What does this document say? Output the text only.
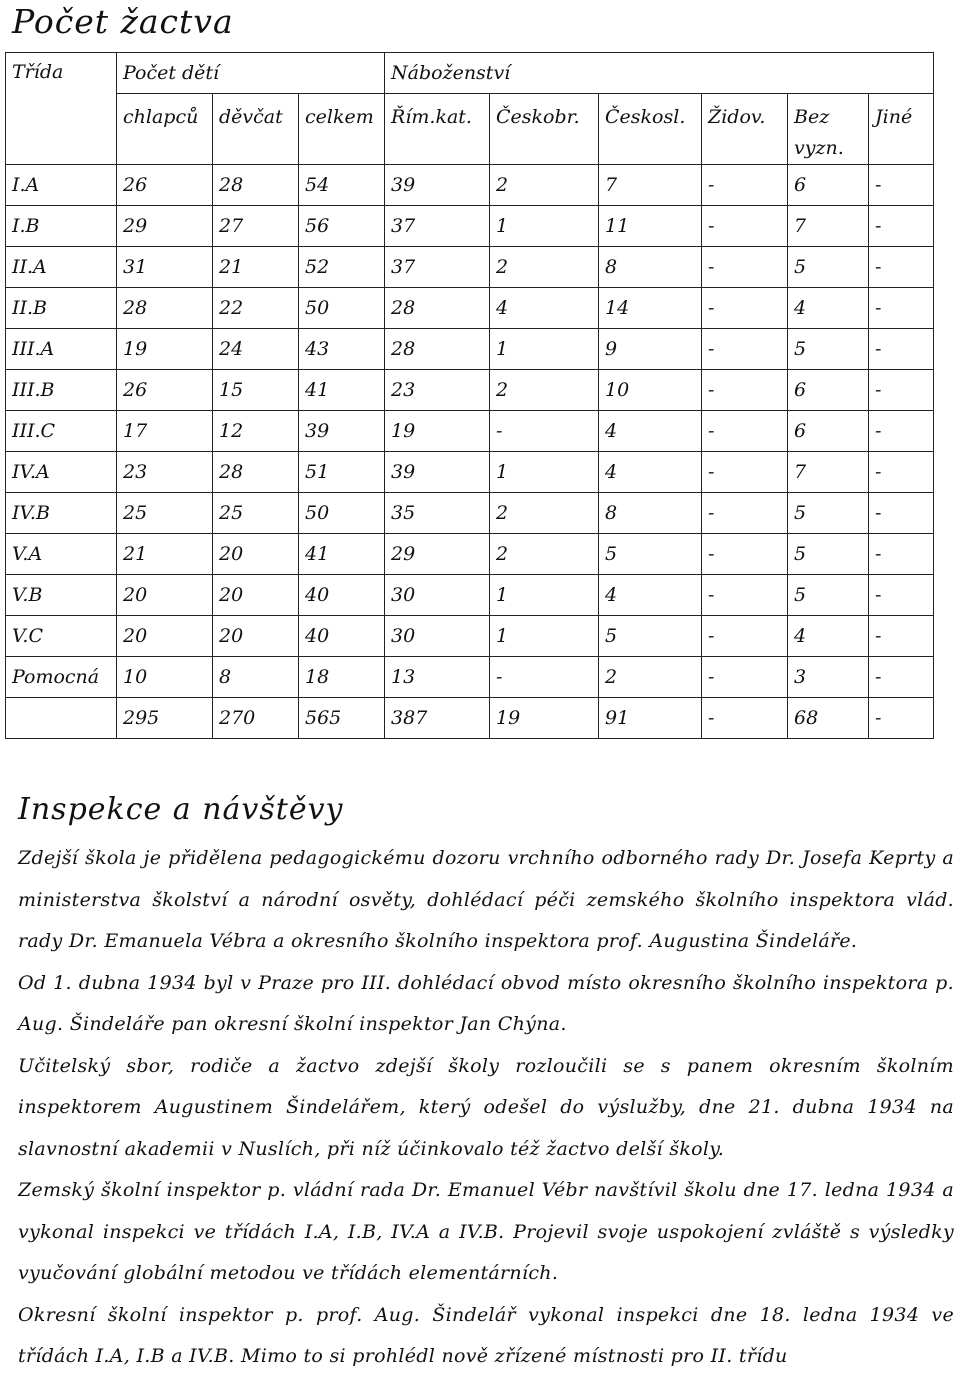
Počet žactva
Třída	Počet dětí			Náboženství					
	chlapců	děvčat	celkem	Řím.kat.	Českobr.	Českosl.	Židov.	Bez vyzn.	Jiné
I.A	26	28	54	39	2	7	-	6	-
I.B	29	27	56	37	1	11	-	7	-
II.A	31	21	52	37	2	8	-	5	-
II.B	28	22	50	28	4	14	-	4	-
III.A	19	24	43	28	1	9	-	5	-
III.B	26	15	41	23	2	10	-	6	-
III.C	17	12	39	19	-	4	-	6	-
IV.A	23	28	51	39	1	4	-	7	-
IV.B	25	25	50	35	2	8	-	5	-
V.A	21	20	41	29	2	5	-	5	-
V.B	20	20	40	30	1	4	-	5	-
V.C	20	20	40	30	1	5	-	4	-
Pomocná	10	8	18	13	-	2	-	3	-
	295	270	565	387	19	91	-	68	-
Inspekce a návštěvy

Zdejší škola je přidělena pedagogickému dozoru vrchního odborného rady Dr. Josefa Keprty a ministerstva školství a národní osvěty, dohlédací péči zemského školního inspektora vlád. rady Dr. Emanuela Vébra a okresního školního inspektora prof. Augustina Šindeláře.

Od 1. dubna 1934 byl v Praze pro III. dohlédací obvod místo okresního školního inspektora p. Aug. Šindeláře pan okresní školní inspektor Jan Chýna.

Učitelský sbor, rodiče a žactvo zdejší školy rozloučili se s panem okresním školním inspektorem Augustinem Šindelářem, který odešel do výslužby, dne 21. dubna 1934 na slavnostní akademii v Nuslích, při níž účinkovalo též žactvo delší školy.

Zemský školní inspektor p. vládní rada Dr. Emanuel Vébr navštívil školu dne 17. ledna 1934 a vykonal inspekci ve třídách I.A, I.B, IV.A a IV.B. Projevil svoje uspokojení zvláště s výsledky vyučování globální metodou ve třídách elementárních.

Okresní školní inspektor p. prof. Aug. Šindelář vykonal inspekci dne 18. ledna 1934 ve třídách I.A, I.B a IV.B. Mimo to si prohlédl nově zřízené místnosti pro II. třídu
